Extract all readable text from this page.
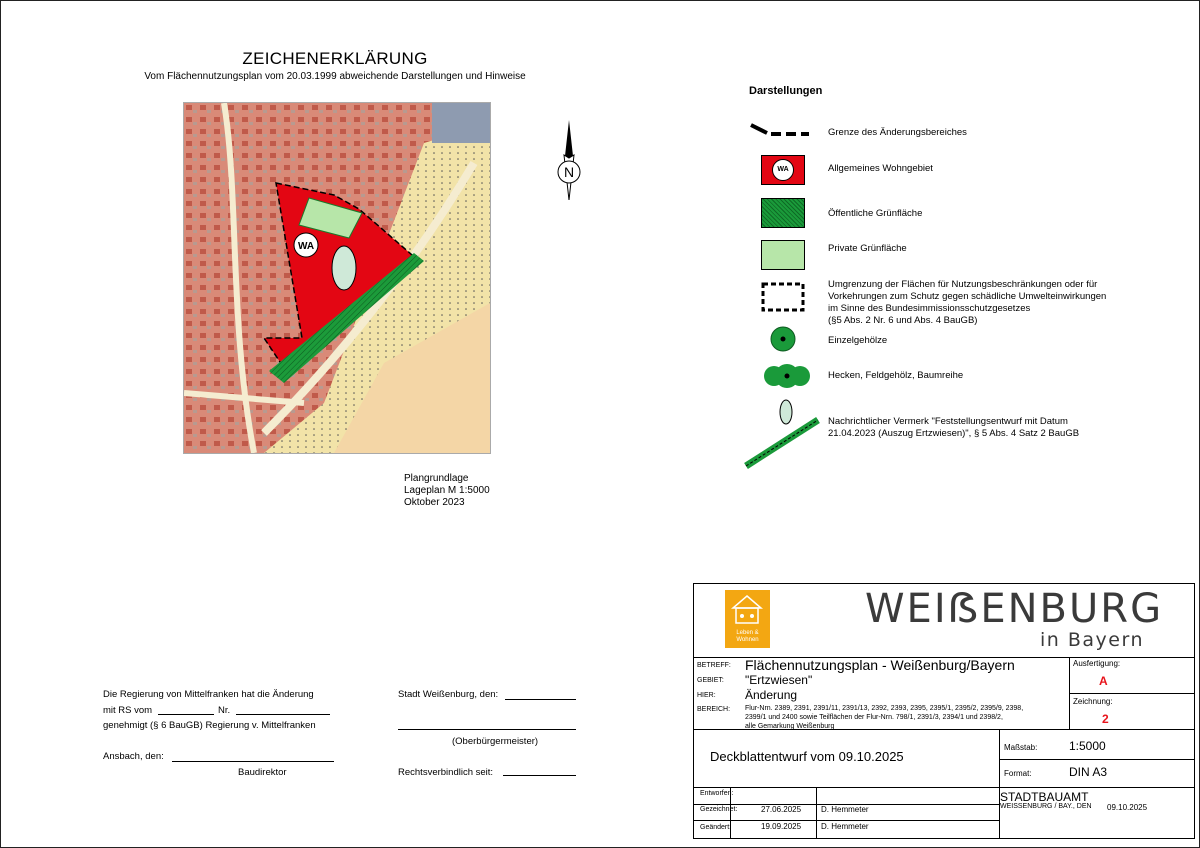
ZEICHENERKLÄRUNG
Vom Flächennutzungsplan vom 20.03.1999 abweichende Darstellungen und Hinweise
WA
N
Plangrundlage
Lageplan M 1:5000
Oktober 2023
Darstellungen
Grenze des Änderungsbereiches
WA	Allgemeines Wohngebiet
Öffentliche Grünfläche
Private Grünfläche
Umgrenzung der Flächen für Nutzungsbeschränkungen oder für
Vorkehrungen zum Schutz gegen schädliche Umwelteinwirkungen
im Sinne des Bundesimmissionsschutzgesetzes
(§5 Abs. 2 Nr. 6 und Abs. 4 BauGB)
Einzelgehölze
Hecken, Feldgehölz, Baumreihe
Nachrichtlicher Vermerk "Feststellungsentwurf mit Datum
21.04.2023 (Auszug Ertzwiesen)", § 5 Abs. 4 Satz 2 BauGB
Die Regierung von Mittelfranken hat die Änderung
mit RS vom	Nr.
genehmigt (§ 6 BauGB) Regierung v. Mittelfranken
Ansbach, den:
Baudirektor
Stadt Weißenburg, den:
(Oberbürgermeister)
Rechtsverbindlich seit:
Leben &
Wohnen
WEIẞENBURG
in Bayern
BETREFF: Flächennutzungsplan - Weißenburg/Bayern
GEBIET: "Ertzwiesen"
HIER: Änderung
BEREICH: Flur-Nrn. 2389, 2391, 2391/11, 2391/13, 2392, 2393, 2395, 2395/1, 2395/2, 2395/9, 2398,
2399/1 und 2400 sowie Teilflächen der Flur-Nrn. 798/1, 2391/3, 2394/1 und 2398/2,
alle Gemarkung Weißenburg
Ausfertigung:
A
Zeichnung:
2
Deckblattentwurf vom 09.10.2025
Maßstab:	1:5000
Format:	DIN A3
Entworfen:
Gezeichnet:	27.06.2025 D. Hemmeter
Geändert:	19.09.2025 D. Hemmeter
STADTBAUAMT
WEISSENBURG / BAY., DEN 09.10.2025
